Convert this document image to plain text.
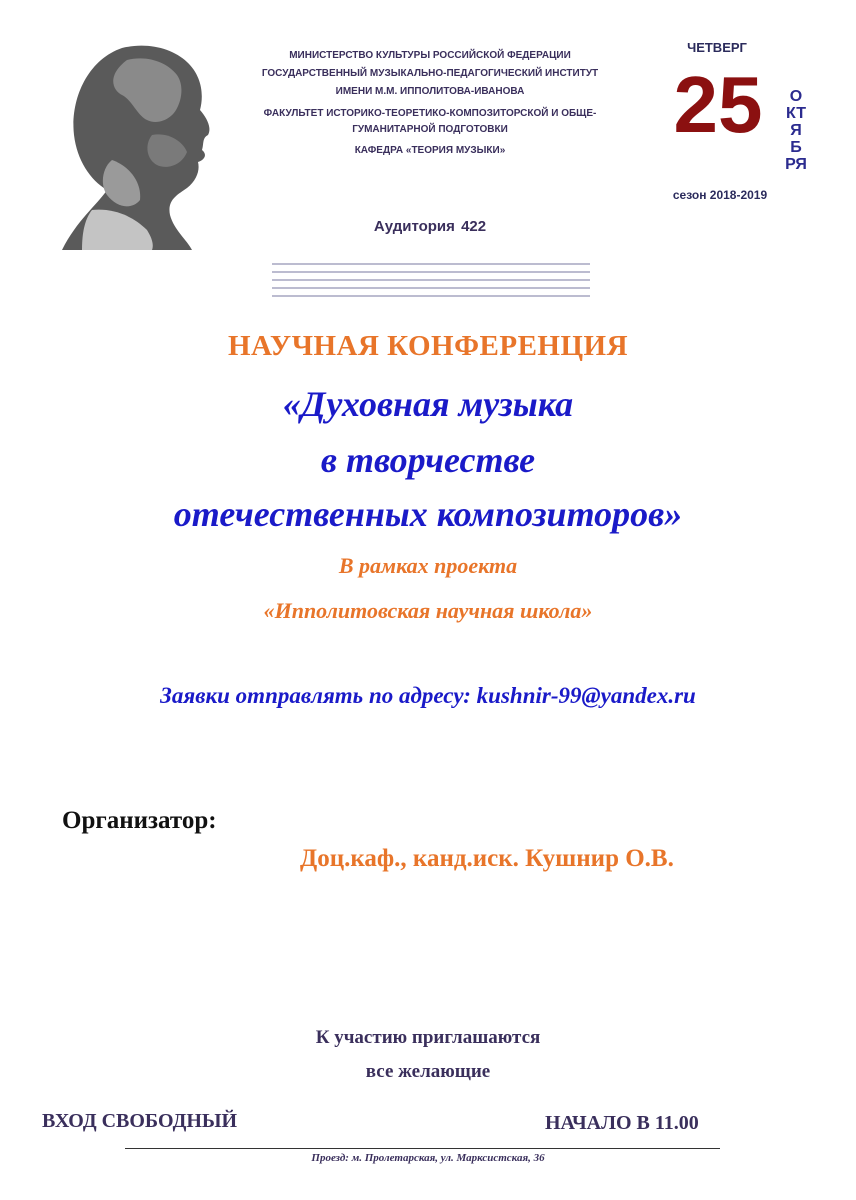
МИНИСТЕРСТВО КУЛЬТУРЫ РОССИЙСКОЙ ФЕДЕРАЦИИ
ГОСУДАРСТВЕННЫЙ МУЗЫКАЛЬНО-ПЕДАГОГИЧЕСКИЙ ИНСТИТУТ
ИМЕНИ М.М. ИППОЛИТОВА-ИВАНОВА
ФАКУЛЬТЕТ ИСТОРИКО-ТЕОРЕТИКО-КОМПОЗИТОРСКОЙ И ОБЩЕ-
ГУМАНИТАРНОЙ ПОДГОТОВКИ
КАФЕДРА «ТЕОРИЯ МУЗЫКИ»
ЧЕТВЕРГ
25	ОКТЯБРЯ
сезон 2018-2019
Аудитория 422
НАУЧНАЯ КОНФЕРЕНЦИЯ
«Духовная музыка
в творчестве
отечественных композиторов»
В рамках проекта
«Ипполитовская научная школа»
Заявки отправлять по адресу: kushnir-99@yandex.ru
Организатор:
Доц.каф., канд.иск. Кушнир О.В.
К участию приглашаются
все желающие
ВХОД СВОБОДНЫЙ	НАЧАЛО В 11.00
Проезд: м. Пролетарская, ул. Марксистская, 36
